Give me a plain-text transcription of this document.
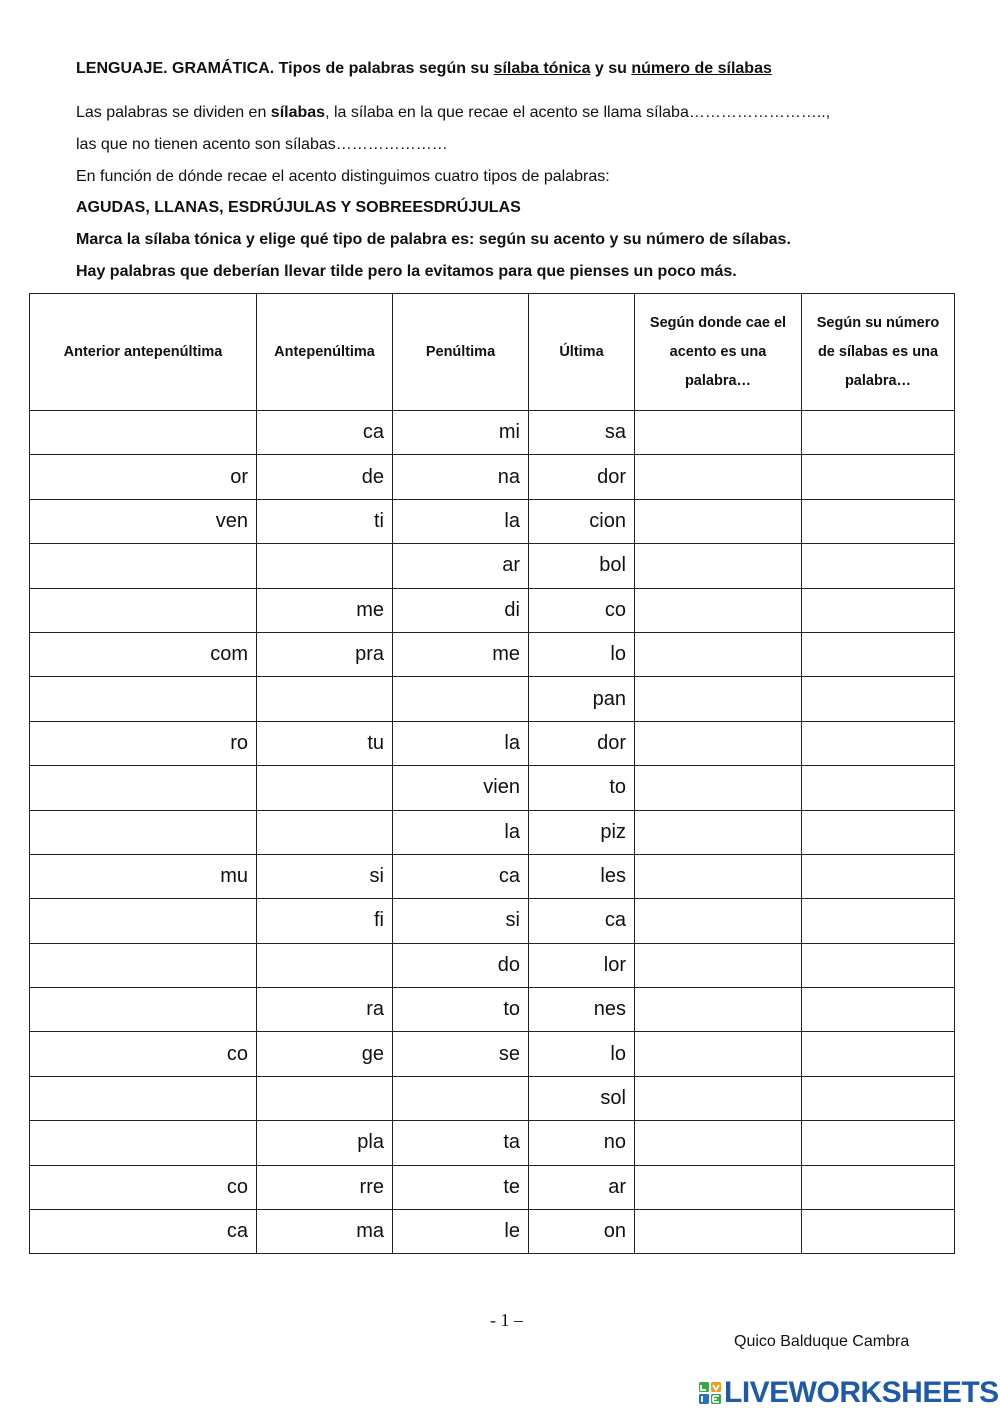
LENGUAJE. GRAMÁTICA. Tipos de palabras según su sílaba tónica y su número de sílabas
Las palabras se dividen en sílabas, la sílaba en la que recae el acento se llama sílaba……………………..,
las que no tienen acento son sílabas…………………
En función de dónde recae el acento distinguimos cuatro tipos de palabras:
AGUDAS, LLANAS, ESDRÚJULAS Y SOBREESDRÚJULAS
Marca la sílaba tónica y elige qué tipo de palabra es: según su acento y su número de sílabas.
Hay palabras que deberían llevar tilde pero la evitamos para que pienses un poco más.
Anterior antepenúltima	Antepenúltima	Penúltima	Última	Según donde cae el acento es una palabra…	Según su número de sílabas es una palabra…
	ca	mi	sa		
or	de	na	dor		
ven	ti	la	cion		
		ar	bol		
	me	di	co		
com	pra	me	lo		
			pan		
ro	tu	la	dor		
		vien	to		
		la	piz		
mu	si	ca	les		
	fi	si	ca		
		do	lor		
	ra	to	nes		
co	ge	se	lo		
			sol		
	pla	ta	no		
co	rre	te	ar		
ca	ma	le	on		
- 1 –
Quico Balduque Cambra
LIVEWORKSHEETS
